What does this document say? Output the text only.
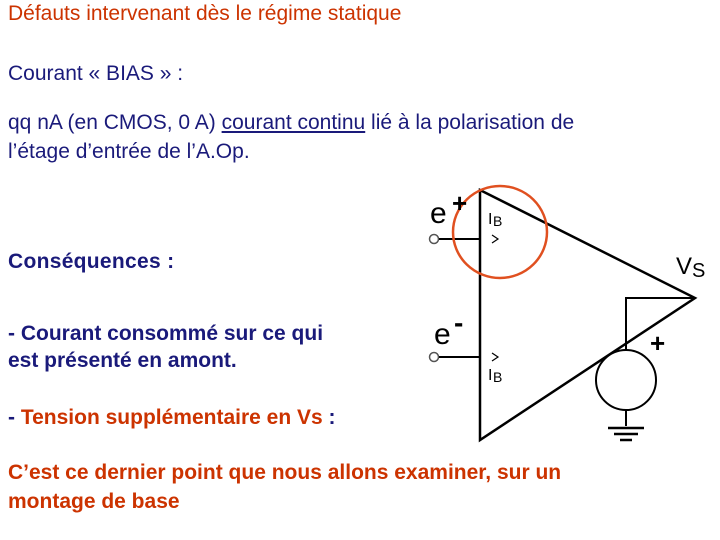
Défauts intervenant dès le régime statique
Courant « BIAS » :
qq nA (en CMOS, 0 A) courant continu lié à la polarisation de
l’étage d’entrée de l’A.Op.
Conséquences :
- Courant consommé sur ce qui
est présenté en amont.
- Tension supplémentaire en Vs :
C’est ce dernier point que nous allons examiner, sur un
montage de base
e +
I B
e -
I B
V S
+
